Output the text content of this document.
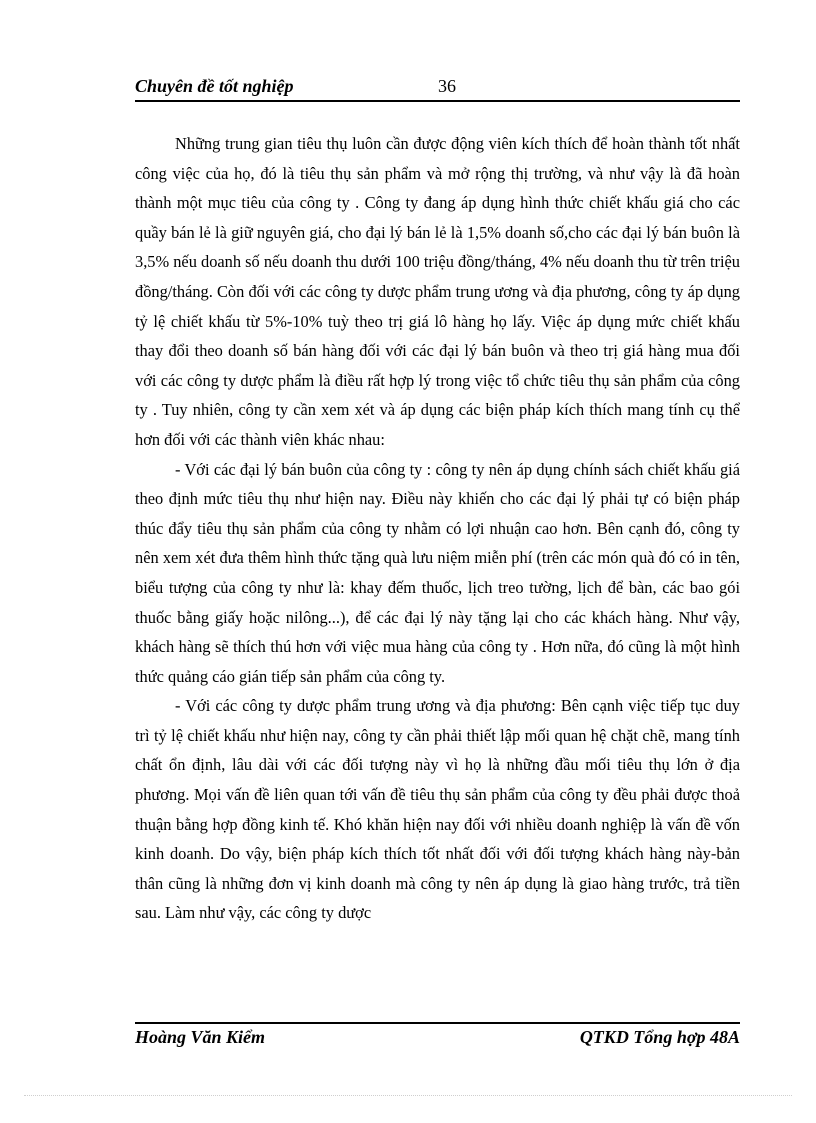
Chuyên đề tốt nghiệp	36

Những trung gian tiêu thụ luôn cần được động viên kích thích để hoàn thành tốt nhất công việc của họ, đó là tiêu thụ sản phẩm và mở rộng thị trường, và như vậy là đã hoàn thành một mục tiêu của công ty . Công ty đang áp dụng hình thức chiết khấu giá cho các quầy bán lẻ là giữ nguyên giá, cho đại lý bán lẻ là 1,5% doanh số,cho các đại lý bán buôn là 3,5% nếu doanh số nếu doanh thu dưới 100 triệu đồng/tháng, 4% nếu doanh thu từ trên triệu đồng/tháng. Còn đối với các công ty dược phẩm trung ương và địa phương, công ty áp dụng tỷ lệ chiết khấu từ 5%-10% tuỳ theo trị giá lô hàng họ lấy. Việc áp dụng mức chiết khấu thay đổi theo doanh số bán hàng đối với các đại lý bán buôn và theo trị giá hàng mua đối với các công ty dược phẩm là điều rất hợp lý trong việc tổ chức tiêu thụ sản phẩm của công ty . Tuy nhiên, công ty cần xem xét và áp dụng các biện pháp kích thích mang tính cụ thể hơn đối với các thành viên khác nhau:

- Với các đại lý bán buôn của công ty : công ty nên áp dụng chính sách chiết khấu giá theo định mức tiêu thụ như hiện nay. Điều này khiến cho các đại lý phải tự có biện pháp thúc đẩy tiêu thụ sản phẩm của công ty nhằm có lợi nhuận cao hơn. Bên cạnh đó, công ty nên xem xét đưa thêm hình thức tặng quà lưu niệm miễn phí (trên các món quà đó có in tên, biểu tượng của công ty như là: khay đếm thuốc, lịch treo tường, lịch để bàn, các bao gói thuốc bằng giấy hoặc nilông...), để các đại lý này tặng lại cho các khách hàng. Như vậy, khách hàng sẽ thích thú hơn với việc mua hàng của công ty . Hơn nữa, đó cũng là một hình thức quảng cáo gián tiếp sản phẩm của công ty.

- Với các công ty dược phẩm trung ương và địa phương: Bên cạnh việc tiếp tục duy trì tỷ lệ chiết khấu như hiện nay, công ty cần phải thiết lập mối quan hệ chặt chẽ, mang tính chất ổn định, lâu dài với các đối tượng này vì họ là những đầu mối tiêu thụ lớn ở địa phương. Mọi vấn đề liên quan tới vấn đề tiêu thụ sản phẩm của công ty đều phải được thoả thuận bằng hợp đồng kinh tế. Khó khăn hiện nay đối với nhiều doanh nghiệp là vấn đề vốn kinh doanh. Do vậy, biện pháp kích thích tốt nhất đối với đối tượng khách hàng này-bản thân cũng là những đơn vị kinh doanh mà công ty nên áp dụng là giao hàng trước, trả tiền sau. Làm như vậy, các công ty dược

Hoàng Văn Kiểm	QTKD Tổng hợp 48A
